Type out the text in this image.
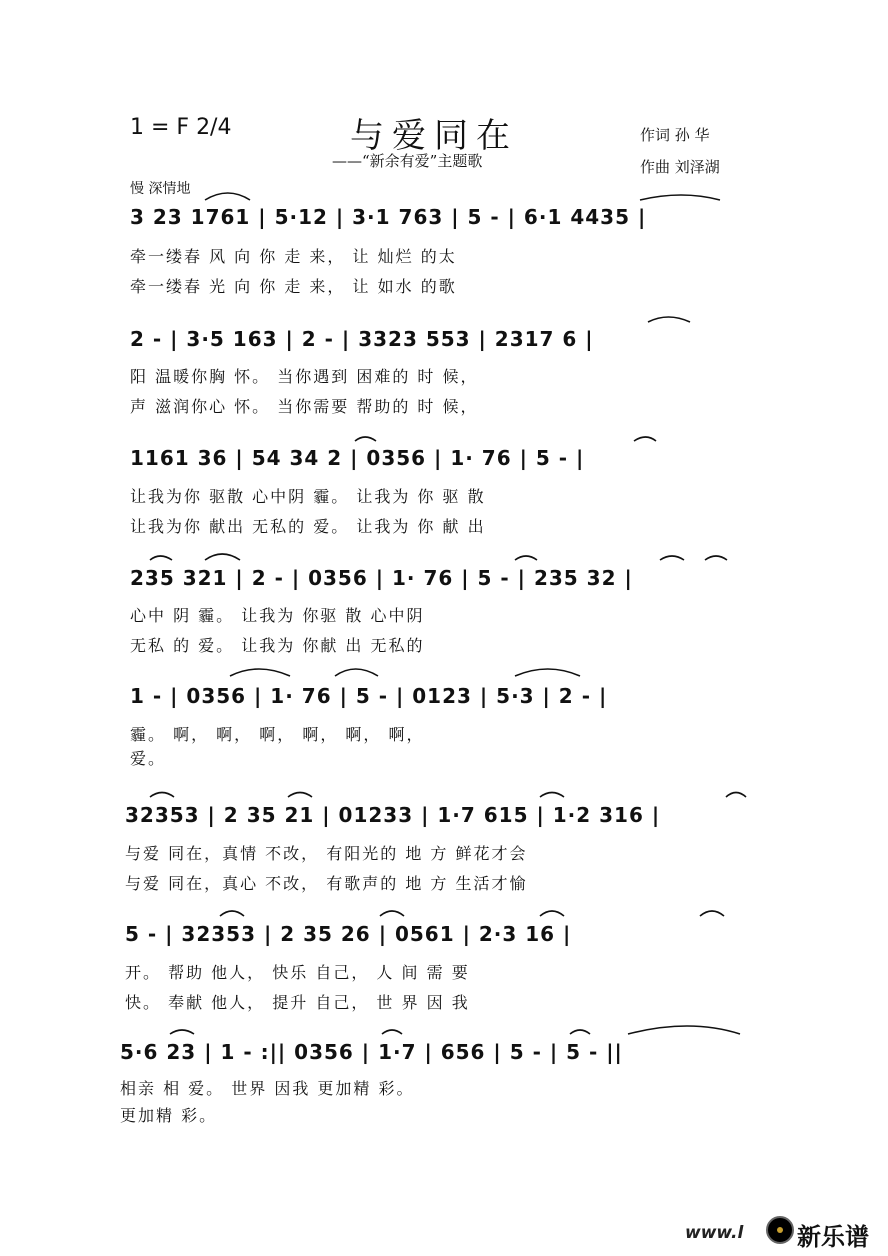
1 = F 2/4	与爱同在
——“新余有爱”主题歌
作词 孙 华
作曲 刘泽湖
慢 深情地
3 23 1761 | 5·12 | 3·1 763 | 5 - | 6·1 4435 |
牵一缕春 风 向 你 走 来， 让 灿烂 的太
牵一缕春 光 向 你 走 来， 让 如水 的歌
2 - | 3·5 163 | 2 - | 3323 553 | 2317 6 |
阳 温暖你胸 怀。 当你遇到 困难的 时 候，
声 滋润你心 怀。 当你需要 帮助的 时 候，
1161 36 | 54 34 2 | 0356 | 1· 76 | 5 - |
让我为你 驱散 心中阴 霾。 让我为 你 驱 散
让我为你 献出 无私的 爱。 让我为 你 献 出
235 321 | 2 - | 0356 | 1· 76 | 5 - | 235 32 |
心中 阴 霾。 让我为 你驱 散 心中阴
无私 的 爱。 让我为 你献 出 无私的
1 - | 0356 | 1· 76 | 5 - | 0123 | 5·3 | 2 - |
霾。 啊， 啊， 啊， 啊， 啊， 啊，
爱。
32353 | 2 35 21 | 01233 | 1·7 615 | 1·2 316 |
与爱 同在，真情 不改， 有阳光的 地 方 鲜花才会
与爱 同在，真心 不改， 有歌声的 地 方 生活才愉
5 - | 32353 | 2 35 26 | 0561 | 2·3 16 |
开。 帮助 他人， 快乐 自己， 人 间 需 要
快。 奉献 他人， 提升 自己， 世 界 因 我
5·6 23 | 1 - :|| 0356 | 1·7 | 656 | 5 - | 5 - ||
相亲 相 爱。 世界 因我 更加精 彩。
更加精 彩。
www.l 新乐谱
